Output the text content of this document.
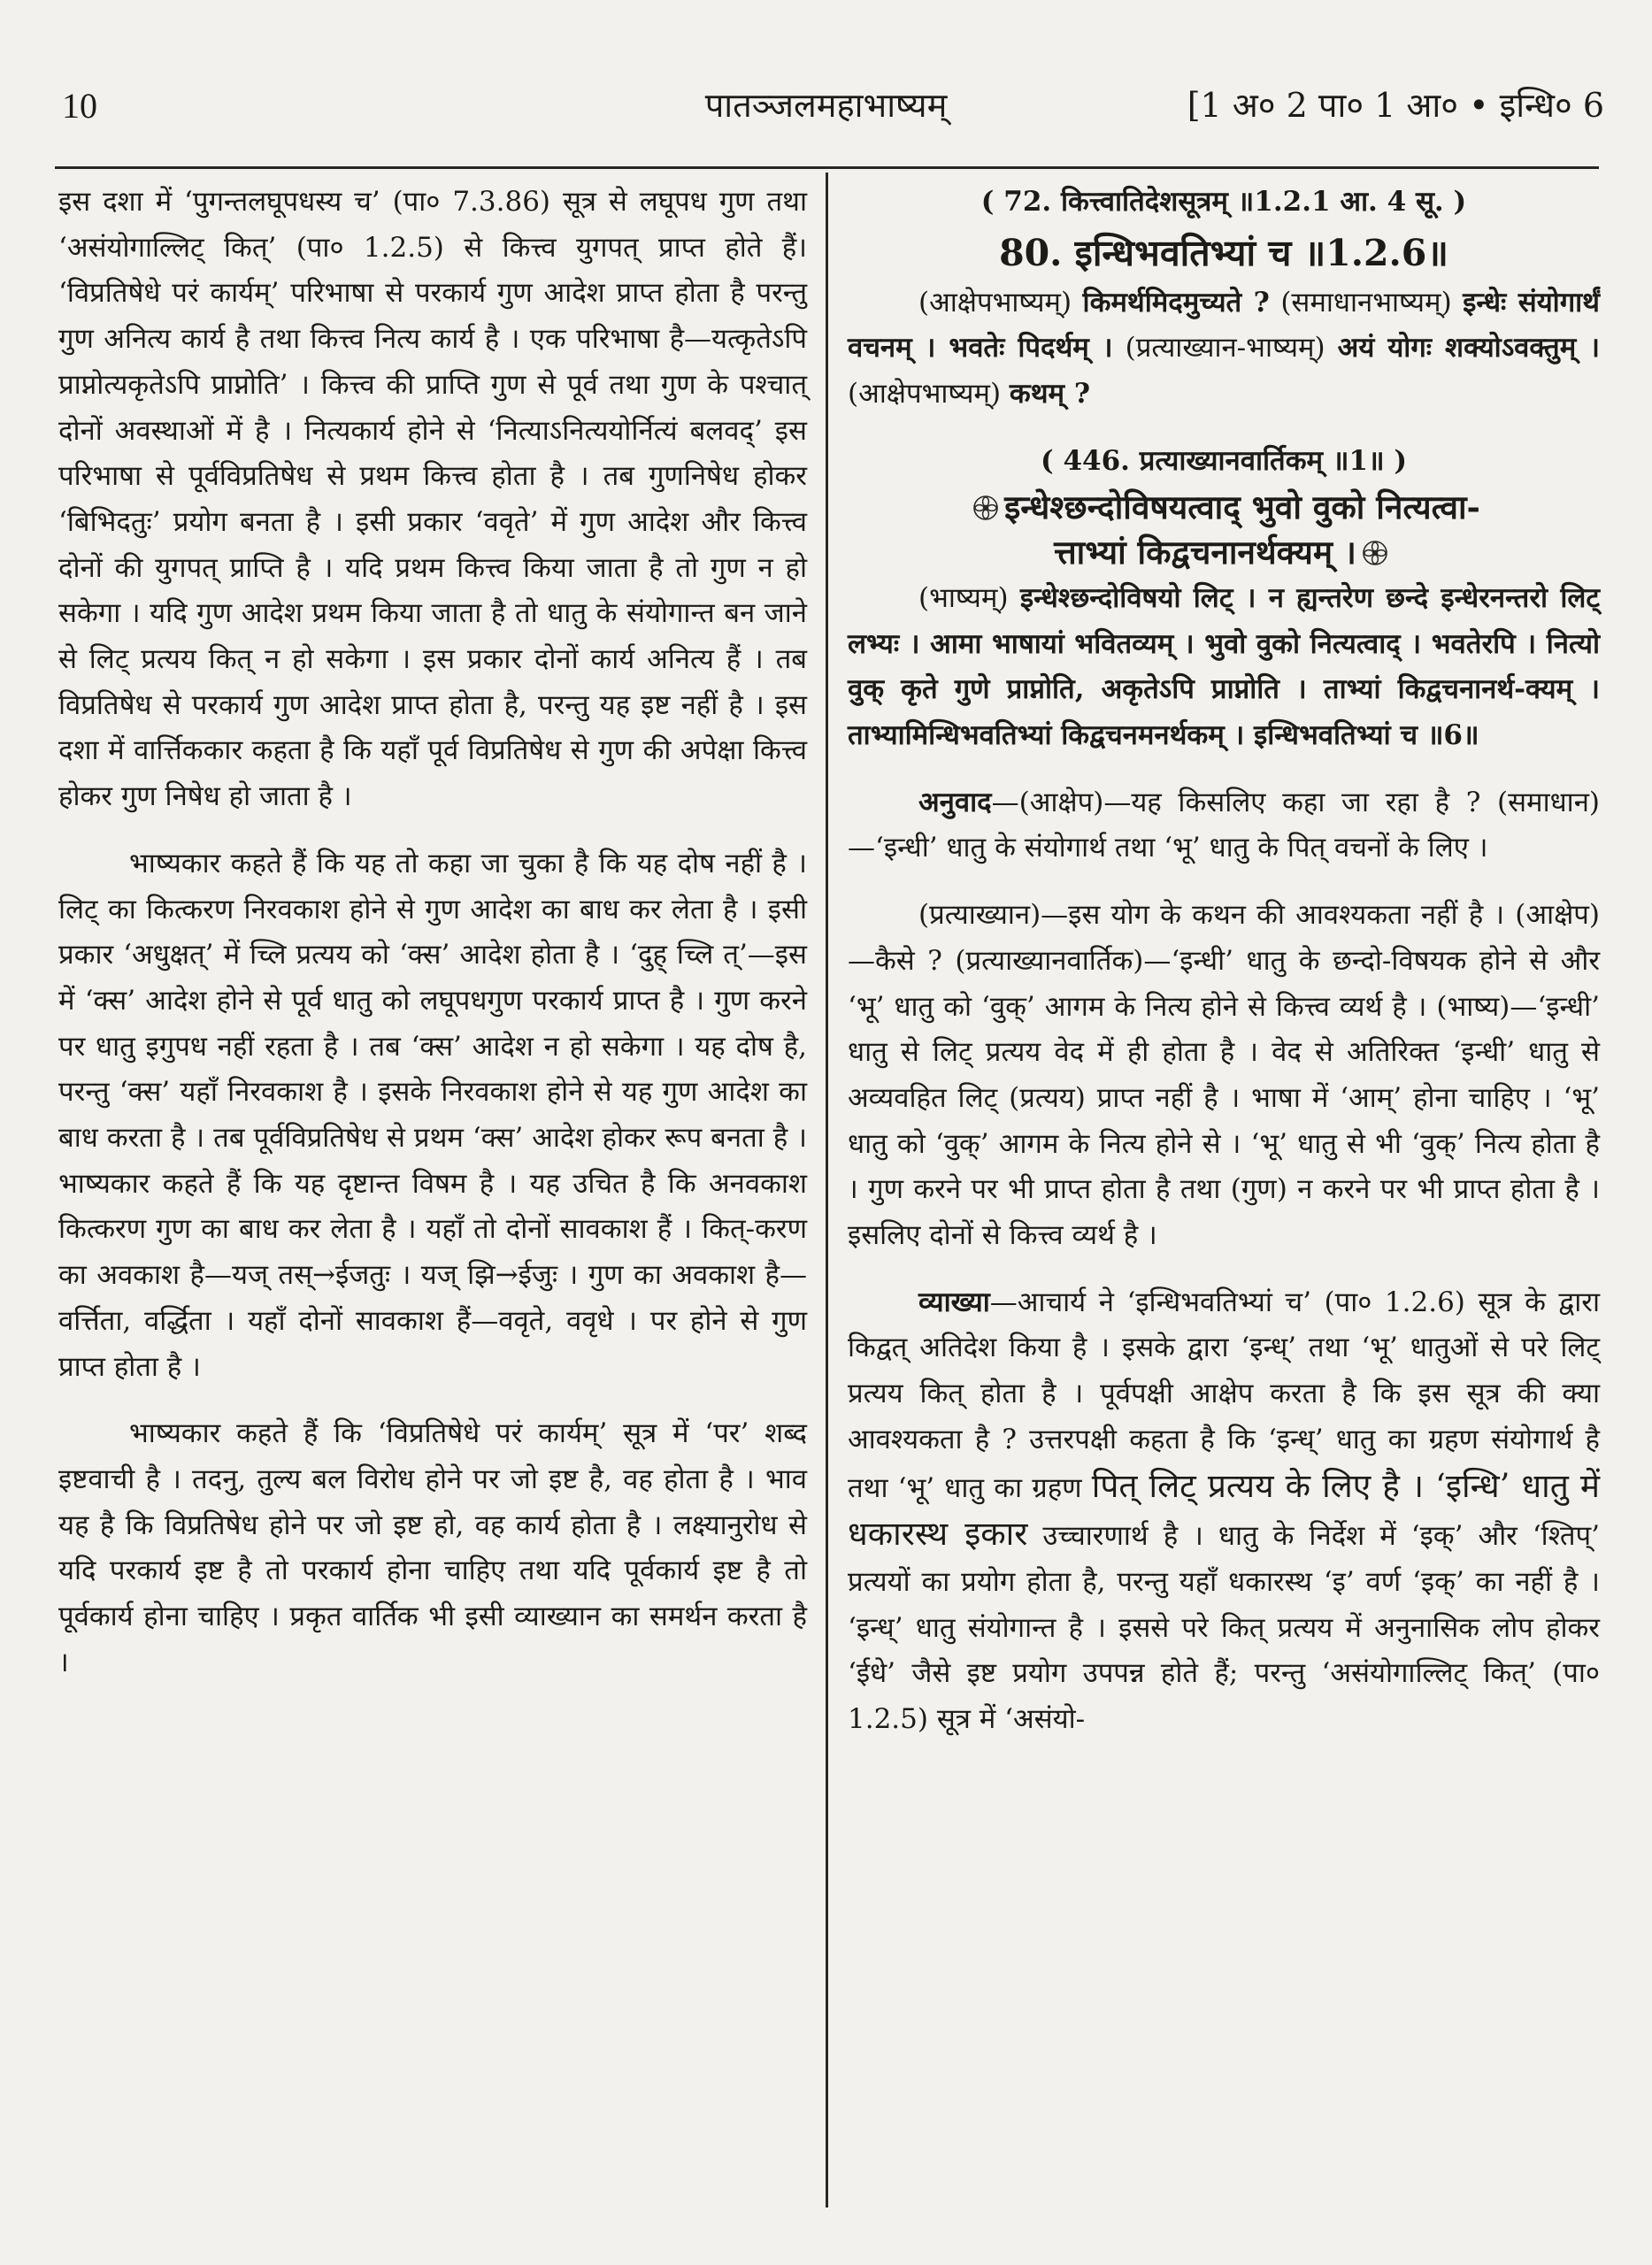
10	पातञ्जलमहाभाष्यम्	[1 अ० 2 पा० 1 आ० • इन्धि० 6

इस दशा में ‘पुगन्तलघूपधस्य च’ (पा० 7.3.86) सूत्र से लघूपध गुण तथा ‘असंयोगाल्लिट् कित्’ (पा० 1.2.5) से कित्त्व युगपत् प्राप्त होते हैं। ‘विप्रतिषेधे परं कार्यम्’ परिभाषा से परकार्य गुण आदेश प्राप्त होता है परन्तु गुण अनित्य कार्य है तथा कित्त्व नित्य कार्य है । एक परिभाषा है—यत्कृतेऽपि प्राप्नोत्यकृतेऽपि प्राप्नोति’ । कित्त्व की प्राप्ति गुण से पूर्व तथा गुण के पश्चात् दोनों अवस्थाओं में है । नित्यकार्य होने से ‘नित्याऽनित्ययोर्नित्यं बलवद्’ इस परिभाषा से पूर्वविप्रतिषेध से प्रथम कित्त्व होता है । तब गुणनिषेध होकर ‘बिभिदतुः’ प्रयोग बनता है । इसी प्रकार ‘ववृते’ में गुण आदेश और कित्त्व दोनों की युगपत् प्राप्ति है । यदि प्रथम कित्त्व किया जाता है तो गुण न हो सकेगा । यदि गुण आदेश प्रथम किया जाता है तो धातु के संयोगान्त बन जाने से लिट् प्रत्यय कित् न हो सकेगा । इस प्रकार दोनों कार्य अनित्य हैं । तब विप्रतिषेध से परकार्य गुण आदेश प्राप्त होता है, परन्तु यह इष्ट नहीं है । इस दशा में वार्त्तिककार कहता है कि यहाँ पूर्व विप्रतिषेध से गुण की अपेक्षा कित्त्व होकर गुण निषेध हो जाता है ।

भाष्यकार कहते हैं कि यह तो कहा जा चुका है कि यह दोष नहीं है । लिट् का कित्करण निरवकाश होने से गुण आदेश का बाध कर लेता है । इसी प्रकार ‘अधुक्षत्’ में च्लि प्रत्यय को ‘क्स’ आदेश होता है । ‘दुह् च्लि त्’—इस में ‘क्स’ आदेश होने से पूर्व धातु को लघूपधगुण परकार्य प्राप्त है । गुण करने पर धातु इगुपध नहीं रहता है । तब ‘क्स’ आदेश न हो सकेगा । यह दोष है, परन्तु ‘क्स’ यहाँ निरवकाश है । इसके निरवकाश होने से यह गुण आदेश का बाध करता है । तब पूर्वविप्रतिषेध से प्रथम ‘क्स’ आदेश होकर रूप बनता है । भाष्यकार कहते हैं कि यह दृष्टान्त विषम है । यह उचित है कि अनवकाश कित्करण गुण का बाध कर लेता है । यहाँ तो दोनों सावकाश हैं । कित्-करण का अवकाश है—यज् तस्→ईजतुः । यज् झि→ईजुः । गुण का अवकाश है—वर्त्तिता, वर्द्धिता । यहाँ दोनों सावकाश हैं—ववृते, ववृधे । पर होने से गुण प्राप्त होता है ।

भाष्यकार कहते हैं कि ‘विप्रतिषेधे परं कार्यम्’ सूत्र में ‘पर’ शब्द इष्टवाची है । तदनु, तुल्य बल विरोध होने पर जो इष्ट है, वह होता है । भाव यह है कि विप्रतिषेध होने पर जो इष्ट हो, वह कार्य होता है । लक्ष्यानुरोध से यदि परकार्य इष्ट है तो परकार्य होना चाहिए तथा यदि पूर्वकार्य इष्ट है तो पूर्वकार्य होना चाहिए । प्रकृत वार्तिक भी इसी व्याख्यान का समर्थन करता है ।

( 72. कित्त्वातिदेशसूत्रम् ॥1.2.1 आ. 4 सू. )

80. इन्धिभवतिभ्यां च ॥1.2.6॥

(आक्षेपभाष्यम्) किमर्थमिदमुच्यते ? (समाधानभाष्यम्) इन्धेः संयोगार्थं वचनम् । भवतेः पिदर्थम् । (प्रत्याख्यान-भाष्यम्) अयं योगः शक्योऽवक्तुम् । (आक्षेपभाष्यम्) कथम् ?

( 446. प्रत्याख्यानवार्तिकम् ॥1॥ )

इन्धेश्छन्दोविषयत्वाद् भुवो वुको नित्यत्वा-

त्ताभ्यां किद्वचनानर्थक्यम् ।

(भाष्यम्) इन्धेश्छन्दोविषयो लिट् । न ह्यन्तरेण छन्दे इन्धेरनन्तरो लिट् लभ्यः । आमा भाषायां भवितव्यम् । भुवो वुको नित्यत्वाद् । भवतेरपि । नित्यो वुक् कृते गुणे प्राप्नोति, अकृतेऽपि प्राप्नोति । ताभ्यां किद्वचनानर्थ-क्यम् । ताभ्यामिन्धिभवतिभ्यां किद्वचनमनर्थकम् । इन्धिभवतिभ्यां च ॥6॥

अनुवाद—(आक्षेप)—यह किसलिए कहा जा रहा है ? (समाधान)—‘इन्धी’ धातु के संयोगार्थ तथा ‘भू’ धातु के पित् वचनों के लिए ।

(प्रत्याख्यान)—इस योग के कथन की आवश्यकता नहीं है । (आक्षेप)—कैसे ? (प्रत्याख्यानवार्तिक)—‘इन्धी’ धातु के छन्दो-विषयक होने से और ‘भू’ धातु को ‘वुक्’ आगम के नित्य होने से कित्त्व व्यर्थ है । (भाष्य)—‘इन्धी’ धातु से लिट् प्रत्यय वेद में ही होता है । वेद से अतिरिक्त ‘इन्धी’ धातु से अव्यवहित लिट् (प्रत्यय) प्राप्त नहीं है । भाषा में ‘आम्’ होना चाहिए । ‘भू’ धातु को ‘वुक्’ आगम के नित्य होने से । ‘भू’ धातु से भी ‘वुक्’ नित्य होता है । गुण करने पर भी प्राप्त होता है तथा (गुण) न करने पर भी प्राप्त होता है । इसलिए दोनों से कित्त्व व्यर्थ है ।

व्याख्या—आचार्य ने ‘इन्धिभवतिभ्यां च’ (पा० 1.2.6) सूत्र के द्वारा किद्वत् अतिदेश किया है । इसके द्वारा ‘इन्ध्’ तथा ‘भू’ धातुओं से परे लिट् प्रत्यय कित् होता है । पूर्वपक्षी आक्षेप करता है कि इस सूत्र की क्या आवश्यकता है ? उत्तरपक्षी कहता है कि ‘इन्ध्’ धातु का ग्रहण संयोगार्थ है तथा ‘भू’ धातु का ग्रहण पित् लिट् प्रत्यय के लिए है । ‘इन्धि’ धातु में धकारस्थ इकार उच्चारणार्थ है । धातु के निर्देश में ‘इक्’ और ‘श्तिप्’ प्रत्ययों का प्रयोग होता है, परन्तु यहाँ धकारस्थ ‘इ’ वर्ण ‘इक्’ का नहीं है । ‘इन्ध्’ धातु संयोगान्त है । इससे परे कित् प्रत्यय में अनुनासिक लोप होकर ‘ईधे’ जैसे इष्ट प्रयोग उपपन्न होते हैं; परन्तु ‘असंयोगाल्लिट् कित्’ (पा० 1.2.5) सूत्र में ‘असंयो-
